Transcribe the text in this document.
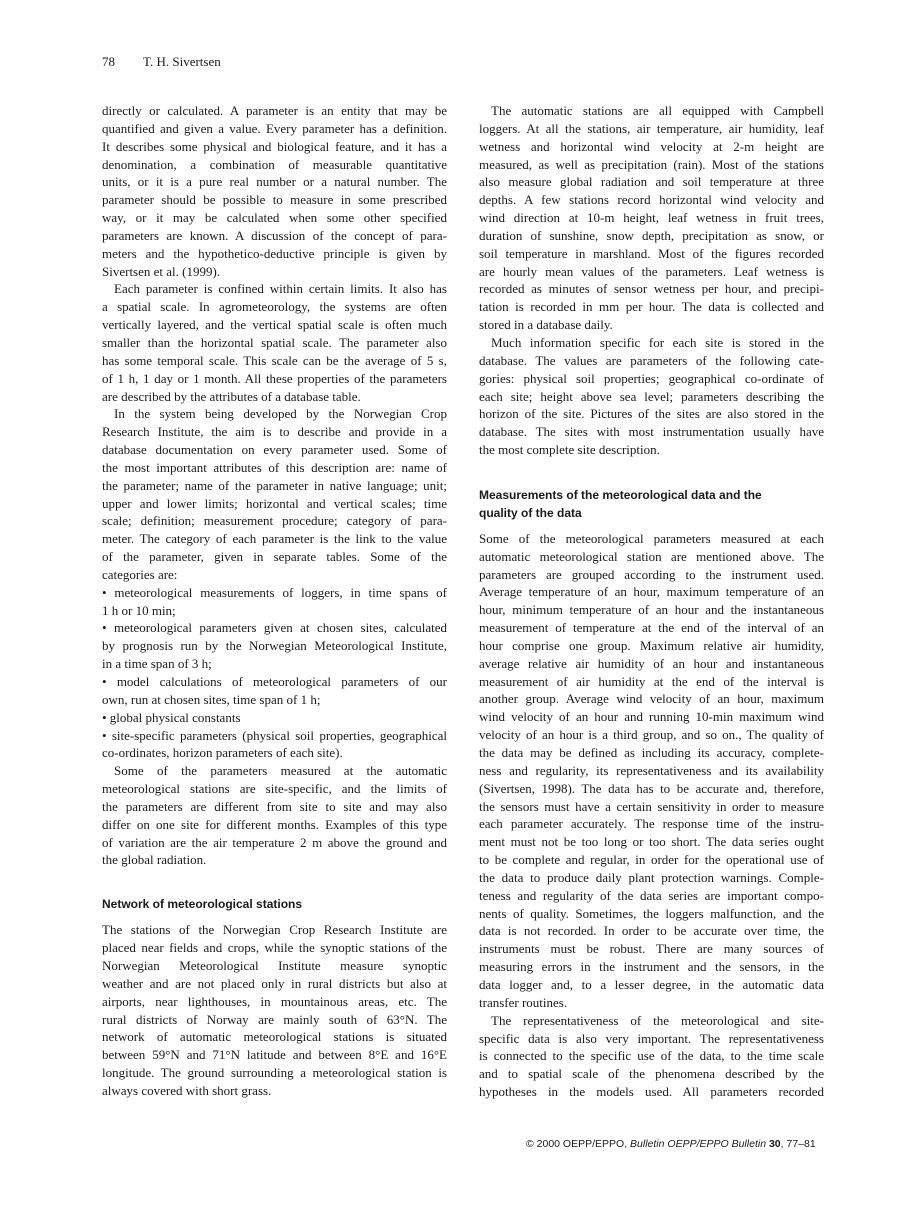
78 T. H. Sivertsen
directly or calculated. A parameter is an entity that may be
quantified and given a value. Every parameter has a definition.
It describes some physical and biological feature, and it has a
denomination, a combination of measurable quantitative
units, or it is a pure real number or a natural number. The
parameter should be possible to measure in some prescribed
way, or it may be calculated when some other specified
parameters are known. A discussion of the concept of para-
meters and the hypothetico-deductive principle is given by
Sivertsen et al. (1999).
Each parameter is confined within certain limits. It also has
a spatial scale. In agrometeorology, the systems are often
vertically layered, and the vertical spatial scale is often much
smaller than the horizontal spatial scale. The parameter also
has some temporal scale. This scale can be the average of 5 s,
of 1 h, 1 day or 1 month. All these properties of the parameters
are described by the attributes of a database table.
In the system being developed by the Norwegian Crop
Research Institute, the aim is to describe and provide in a
database documentation on every parameter used. Some of
the most important attributes of this description are: name of
the parameter; name of the parameter in native language; unit;
upper and lower limits; horizontal and vertical scales; time
scale; definition; measurement procedure; category of para-
meter. The category of each parameter is the link to the value
of the parameter, given in separate tables. Some of the
categories are:
• meteorological measurements of loggers, in time spans of
1 h or 10 min;
• meteorological parameters given at chosen sites, calculated
by prognosis run by the Norwegian Meteorological Institute,
in a time span of 3 h;
• model calculations of meteorological parameters of our
own, run at chosen sites, time span of 1 h;
• global physical constants
• site-specific parameters (physical soil properties, geographical
co-ordinates, horizon parameters of each site).
Some of the parameters measured at the automatic
meteorological stations are site-specific, and the limits of
the parameters are different from site to site and may also
differ on one site for different months. Examples of this type
of variation are the air temperature 2 m above the ground and
the global radiation.
Network of meteorological stations
The stations of the Norwegian Crop Research Institute are
placed near fields and crops, while the synoptic stations of the
Norwegian Meteorological Institute measure synoptic
weather and are not placed only in rural districts but also at
airports, near lighthouses, in mountainous areas, etc. The
rural districts of Norway are mainly south of 63°N. The
network of automatic meteorological stations is situated
between 59°N and 71°N latitude and between 8°E and 16°E
longitude. The ground surrounding a meteorological station is
always covered with short grass.
The automatic stations are all equipped with Campbell
loggers. At all the stations, air temperature, air humidity, leaf
wetness and horizontal wind velocity at 2-m height are
measured, as well as precipitation (rain). Most of the stations
also measure global radiation and soil temperature at three
depths. A few stations record horizontal wind velocity and
wind direction at 10-m height, leaf wetness in fruit trees,
duration of sunshine, snow depth, precipitation as snow, or
soil temperature in marshland. Most of the figures recorded
are hourly mean values of the parameters. Leaf wetness is
recorded as minutes of sensor wetness per hour, and precipi-
tation is recorded in mm per hour. The data is collected and
stored in a database daily.
Much information specific for each site is stored in the
database. The values are parameters of the following cate-
gories: physical soil properties; geographical co-ordinate of
each site; height above sea level; parameters describing the
horizon of the site. Pictures of the sites are also stored in the
database. The sites with most instrumentation usually have
the most complete site description.
Measurements of the meteorological data and the
quality of the data
Some of the meteorological parameters measured at each
automatic meteorological station are mentioned above. The
parameters are grouped according to the instrument used.
Average temperature of an hour, maximum temperature of an
hour, minimum temperature of an hour and the instantaneous
measurement of temperature at the end of the interval of an
hour comprise one group. Maximum relative air humidity,
average relative air humidity of an hour and instantaneous
measurement of air humidity at the end of the interval is
another group. Average wind velocity of an hour, maximum
wind velocity of an hour and running 10-min maximum wind
velocity of an hour is a third group, and so on., The quality of
the data may be defined as including its accuracy, complete-
ness and regularity, its representativeness and its availability
(Sivertsen, 1998). The data has to be accurate and, therefore,
the sensors must have a certain sensitivity in order to measure
each parameter accurately. The response time of the instru-
ment must not be too long or too short. The data series ought
to be complete and regular, in order for the operational use of
the data to produce daily plant protection warnings. Comple-
teness and regularity of the data series are important compo-
nents of quality. Sometimes, the loggers malfunction, and the
data is not recorded. In order to be accurate over time, the
instruments must be robust. There are many sources of
measuring errors in the instrument and the sensors, in the
data logger and, to a lesser degree, in the automatic data
transfer routines.
The representativeness of the meteorological and site-
specific data is also very important. The representativeness
is connected to the specific use of the data, to the time scale
and to spatial scale of the phenomena described by the
hypotheses in the models used. All parameters recorded
© 2000 OEPP/EPPO, Bulletin OEPP/EPPO Bulletin 30, 77–81
